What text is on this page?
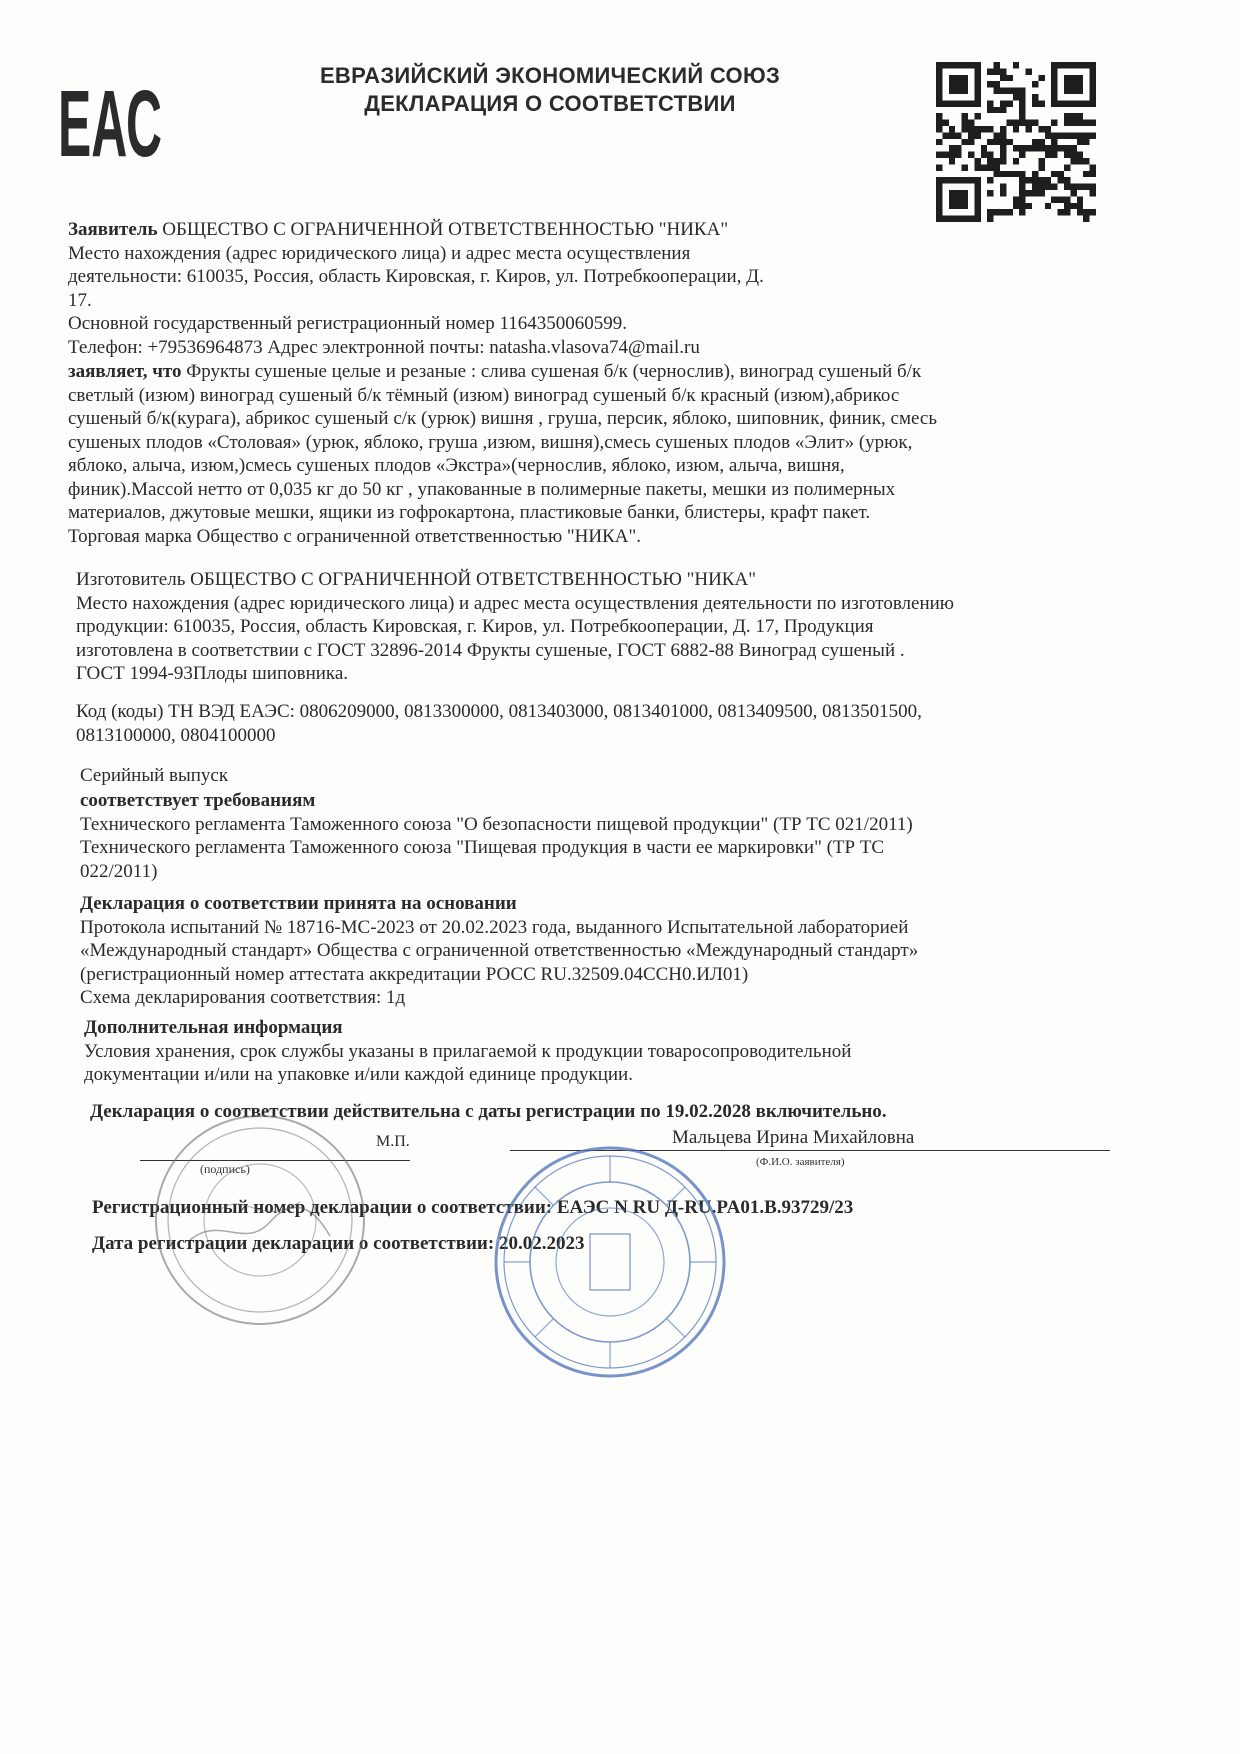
ЕАС	ЕВРАЗИЙСКИЙ ЭКОНОМИЧЕСКИЙ СОЮЗ
ДЕКЛАРАЦИЯ О СООТВЕТСТВИИ
Заявитель ОБЩЕСТВО С ОГРАНИЧЕННОЙ ОТВЕТСТВЕННОСТЬЮ "НИКА"
Место нахождения (адрес юридического лица) и адрес места осуществления
деятельности: 610035, Россия, область Кировская, г. Киров, ул. Потребкооперации, Д.
17.
Основной государственный регистрационный номер 1164350060599.
Телефон: +79536964873 Адрес электронной почты: natasha.vlasova74@mail.ru
заявляет, что Фрукты сушеные целые и резаные : слива сушеная б/к (чернослив), виноград сушеный б/к
светлый (изюм) виноград сушеный б/к тёмный (изюм) виноград сушеный б/к красный (изюм),абрикос
сушеный б/к(курага), абрикос сушеный с/к (урюк) вишня , груша, персик, яблоко, шиповник, финик, смесь
сушеных плодов «Столовая» (урюк, яблоко, груша ,изюм, вишня),смесь сушеных плодов «Элит» (урюк,
яблоко, алыча, изюм,)смесь сушеных плодов «Экстра»(чернослив, яблоко, изюм, алыча, вишня,
финик).Массой нетто от 0,035 кг до 50 кг , упакованные в полимерные пакеты, мешки из полимерных
материалов, джутовые мешки, ящики из гофрокартона, пластиковые банки, блистеры, крафт пакет.
Торговая марка Общество с ограниченной ответственностью "НИКА".
Изготовитель ОБЩЕСТВО С ОГРАНИЧЕННОЙ ОТВЕТСТВЕННОСТЬЮ "НИКА"
Место нахождения (адрес юридического лица) и адрес места осуществления деятельности по изготовлению
продукции: 610035, Россия, область Кировская, г. Киров, ул. Потребкооперации, Д. 17, Продукция
изготовлена в соответствии с ГОСТ 32896-2014 Фрукты сушеные, ГОСТ 6882-88 Виноград сушеный .
ГОСТ 1994-93Плоды шиповника.
Код (коды) ТН ВЭД ЕАЭС: 0806209000, 0813300000, 0813403000, 0813401000, 0813409500, 0813501500,
0813100000, 0804100000
Серийный выпуск
соответствует требованиям
Технического регламента Таможенного союза "О безопасности пищевой продукции" (ТР ТС 021/2011)
Технического регламента Таможенного союза "Пищевая продукция в части ее маркировки" (ТР ТС
022/2011)
Декларация о соответствии принята на основании
Протокола испытаний № 18716-МС-2023 от 20.02.2023 года, выданного Испытательной лабораторией
«Международный стандарт» Общества с ограниченной ответственностью «Международный стандарт»
(регистрационный номер аттестата аккредитации РОСС RU.32509.04ССН0.ИЛ01)
Схема декларирования соответствия: 1д
Дополнительная информация
Условия хранения, срок службы указаны в прилагаемой к продукции товаросопроводительной
документации и/или на упаковке и/или каждой единице продукции.
Декларация о соответствии действительна с даты регистрации по 19.02.2028 включительно.
М.П.	Мальцева Ирина Михайловна
(подпись)	(Ф.И.О. заявителя)
Регистрационный номер декларации о соответствии: ЕАЭС N RU Д-RU.PA01.B.93729/23
Дата регистрации декларации о соответствии: 20.02.2023
